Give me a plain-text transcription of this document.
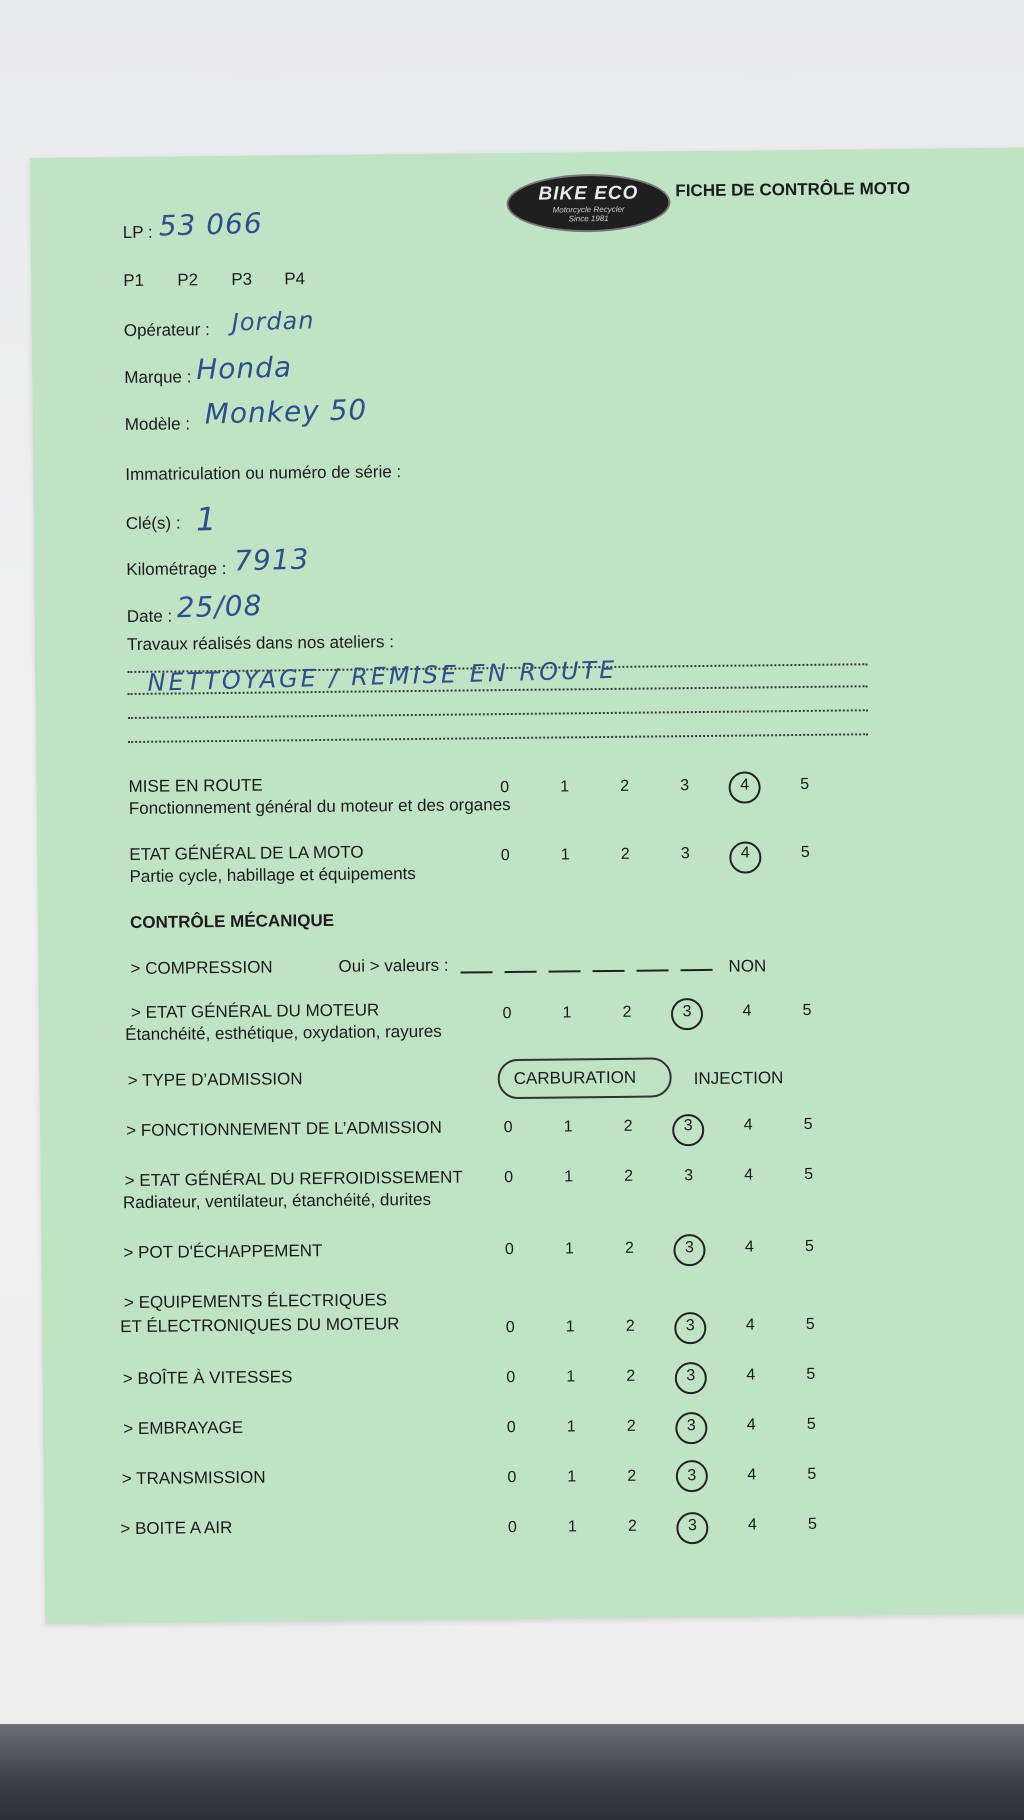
BIKE ECO
Motorcycle Recycler
Since 1981
FICHE DE CONTRÔLE MOTO
LP : 53 066
P1 P2 P3 P4
Opérateur : Jordan
Marque : Honda
Modèle : Monkey 50
Immatriculation ou numéro de série :
Clé(s) : 1
Kilométrage : 7913
Date : 25/08
Travaux réalisés dans nos ateliers :
NETTOYAGE / REMISE EN ROUTE
MISE EN ROUTE
Fonctionnement général du moteur et des organes
0	1	2	3	4	5
ETAT GÉNÉRAL DE LA MOTO
Partie cycle, habillage et équipements
0	1	2	3	4	5
CONTRÔLE MÉCANIQUE
> COMPRESSION	Oui > valeurs :	NON
> ETAT GÉNÉRAL DU MOTEUR
Étanchéité, esthétique, oxydation, rayures
0	1	2	3	4	5
> TYPE D’ADMISSION	CARBURATION	INJECTION
> FONCTIONNEMENT DE L’ADMISSION	0	1	2	3	4	5
> ETAT GÉNÉRAL DU REFROIDISSEMENT
Radiateur, ventilateur, étanchéité, durites
0	1	2	3	4	5
> POT D'ÉCHAPPEMENT	0	1	2	3	4	5
> EQUIPEMENTS ÉLECTRIQUES
ET ÉLECTRONIQUES DU MOTEUR	0	1	2	3	4	5
> BOÎTE À VITESSES	0	1	2	3	4	5
> EMBRAYAGE	0	1	2	3	4	5
> TRANSMISSION	0	1	2	3	4	5
> BOITE A AIR	0	1	2	3	4	5
